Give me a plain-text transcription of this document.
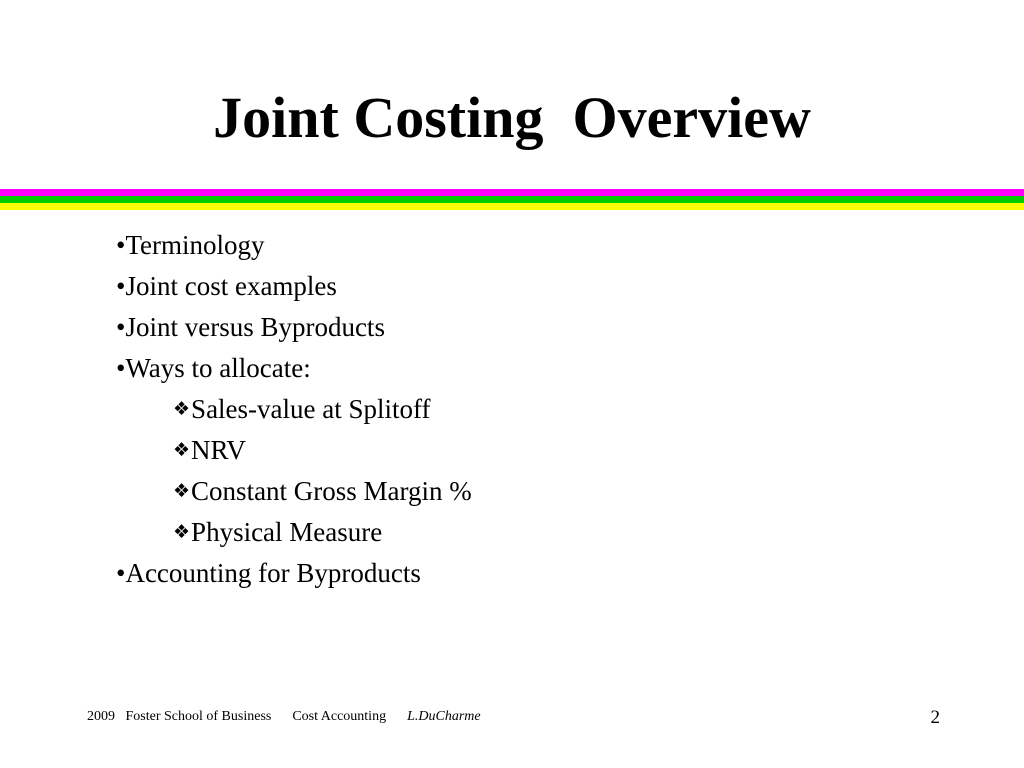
Joint Costing  Overview
•Terminology
•Joint cost examples
•Joint versus Byproducts
•Ways to allocate:
❖Sales-value at Splitoff
❖NRV
❖Constant Gross Margin %
❖Physical Measure
•Accounting for Byproducts
2009 Foster School of Business Cost Accounting L.DuCharme	2
